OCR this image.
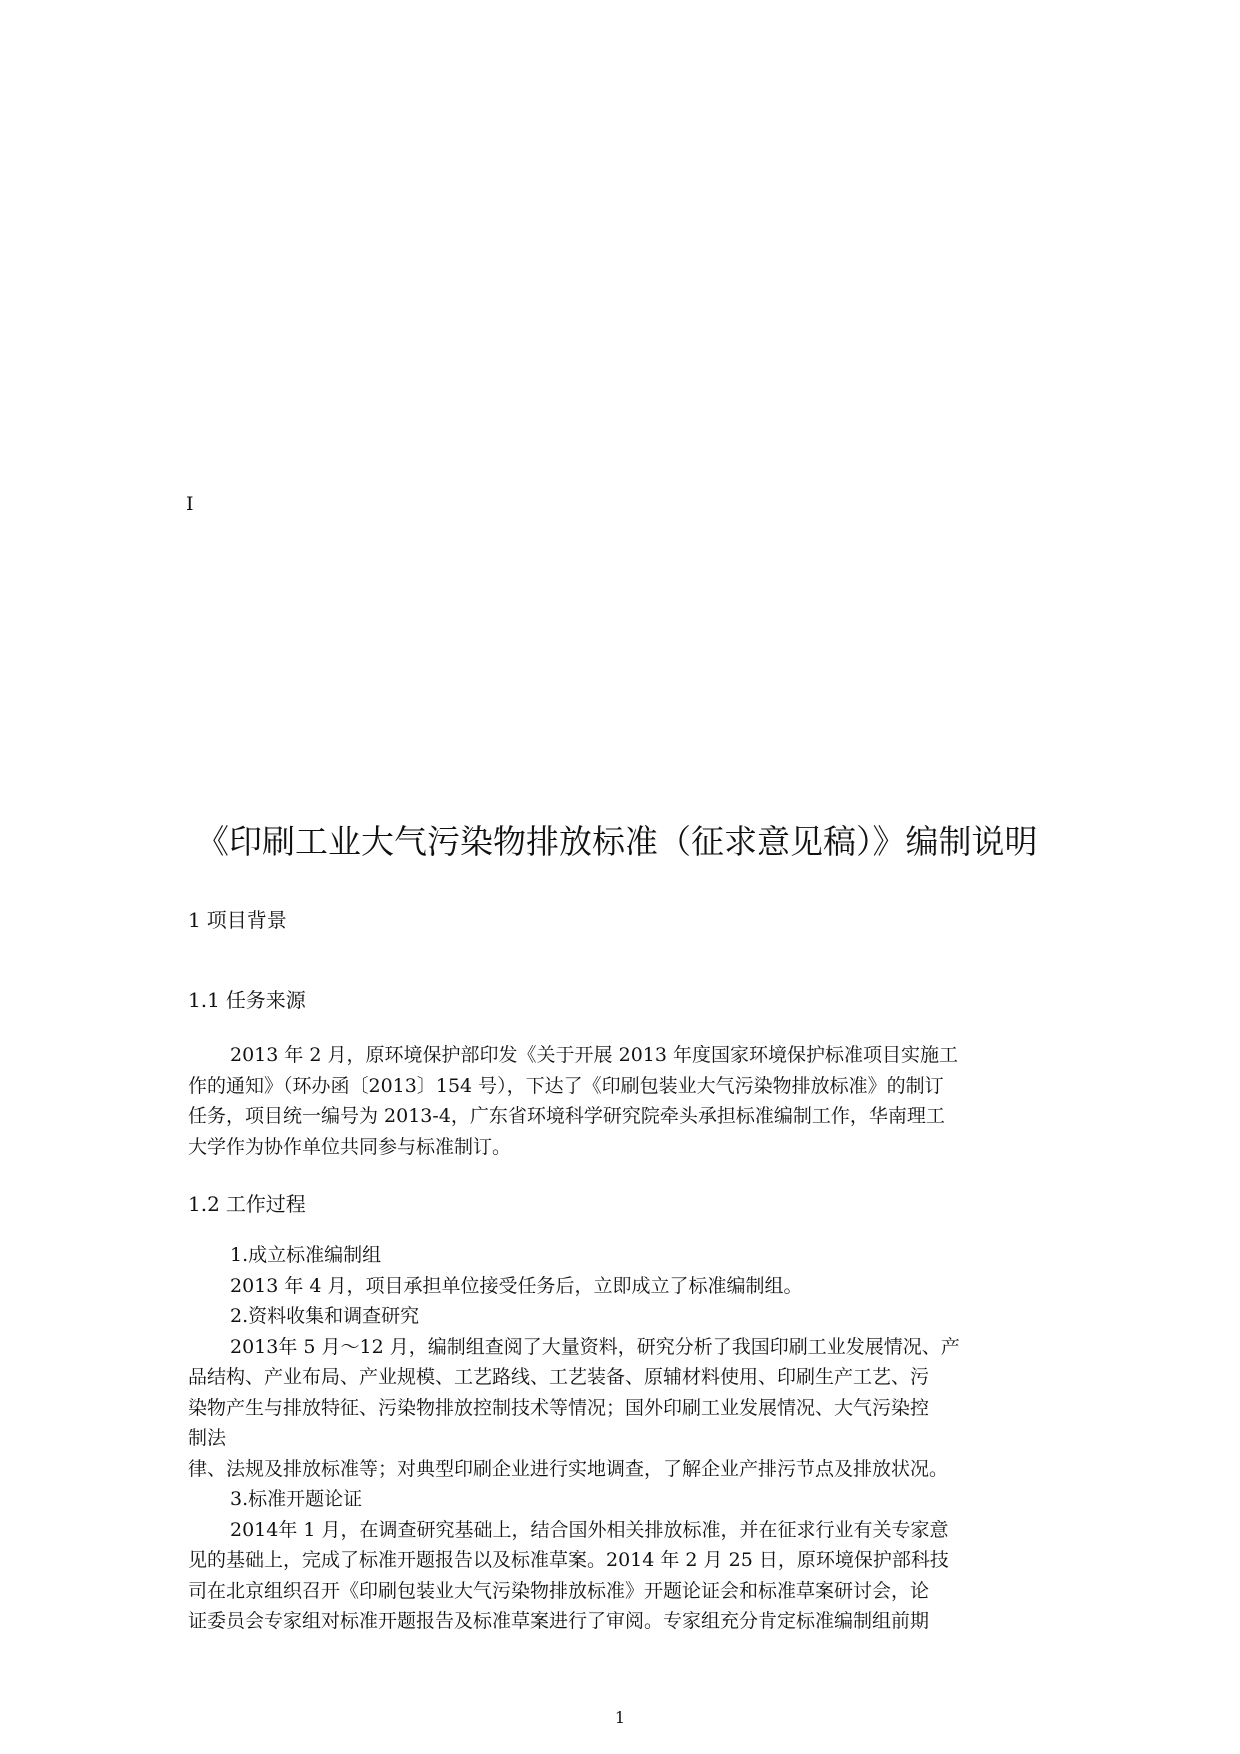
I
《印刷工业大气污染物排放标准（征求意见稿）》编制说明
1 项目背景
1.1 任务来源
2013 年 2 月，原环境保护部印发《关于开展 2013 年度国家环境保护标准项目实施工
作的通知》（环办函〔2013〕154 号），下达了《印刷包装业大气污染物排放标准》的制订
任务，项目统一编号为 2013-4，广东省环境科学研究院牵头承担标准编制工作，华南理工
大学作为协作单位共同参与标准制订。
1.2 工作过程
1.成立标准编制组
2013 年 4 月，项目承担单位接受任务后，立即成立了标准编制组。
2.资料收集和调查研究
2013年 5 月～12 月，编制组查阅了大量资料，研究分析了我国印刷工业发展情况、产
品结构、产业布局、产业规模、工艺路线、工艺装备、原辅材料使用、印刷生产工艺、污
染物产生与排放特征、污染物排放控制技术等情况；国外印刷工业发展情况、大气污染控
制法
律、法规及排放标准等；对典型印刷企业进行实地调查，了解企业产排污节点及排放状况。
3.标准开题论证
2014年 1 月，在调查研究基础上，结合国外相关排放标准，并在征求行业有关专家意
见的基础上，完成了标准开题报告以及标准草案。2014 年 2 月 25 日，原环境保护部科技
司在北京组织召开《印刷包装业大气污染物排放标准》开题论证会和标准草案研讨会，论
证委员会专家组对标准开题报告及标准草案进行了审阅。专家组充分肯定标准编制组前期
1
